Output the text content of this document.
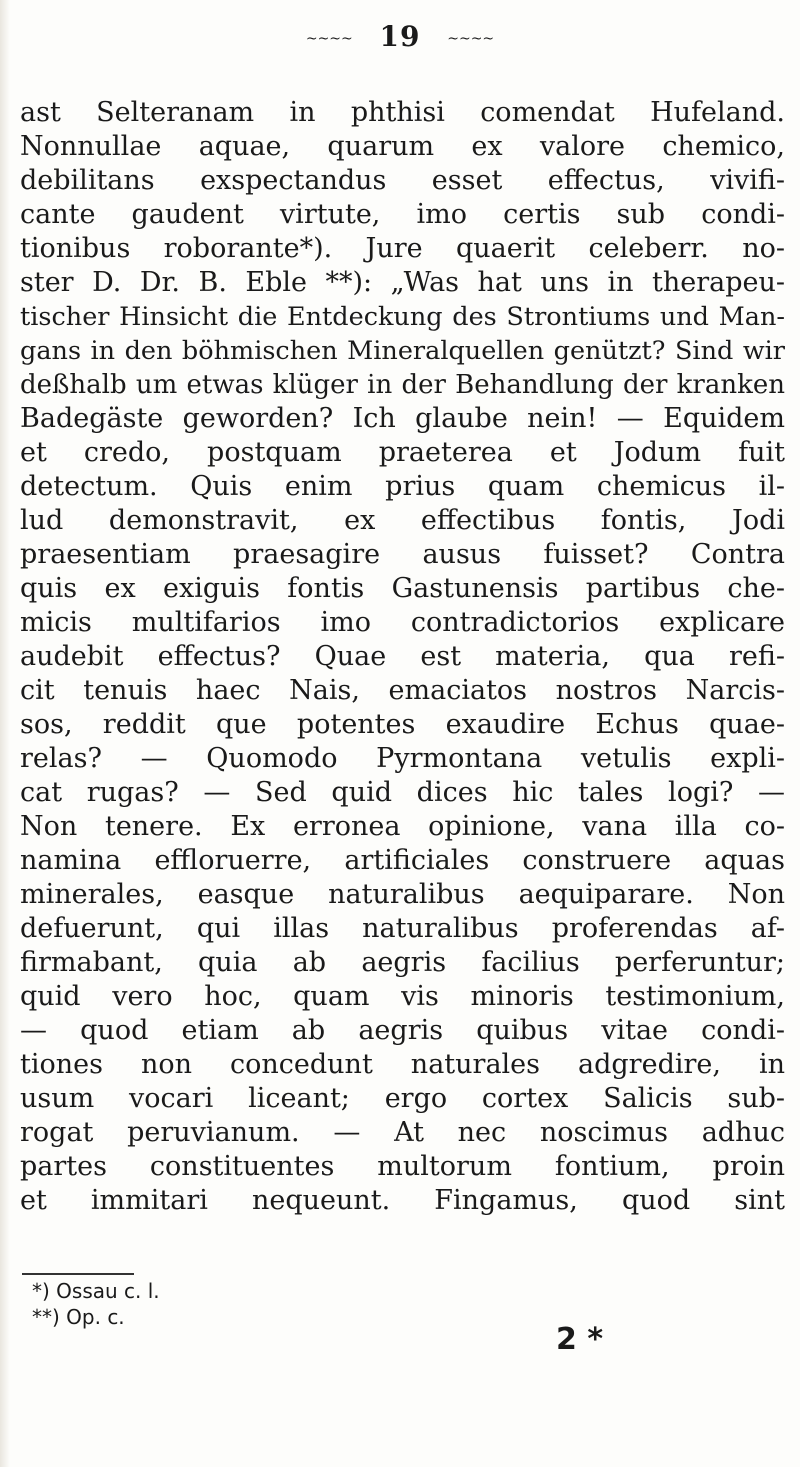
~~~~ 19 ~~~~
ast Selteranam in phthisi comendat Hufeland.
Nonnullae aquae, quarum ex valore chemico,
debilitans exspectandus esset effectus, vivifi-
cante gaudent virtute, imo certis sub condi-
tionibus roborante*). Jure quaerit celeberr. no-
ster D. Dr. B. Eble **): „Was hat uns in therapeu-
tischer Hinsicht die Entdeckung des Strontiums und Man-
gans in den böhmischen Mineralquellen genützt? Sind wir
deßhalb um etwas klüger in der Behandlung der kranken
Badegäste geworden? Ich glaube nein! — Equidem
et credo, postquam praeterea et Jodum fuit
detectum. Quis enim prius quam chemicus il-
lud demonstravit, ex effectibus fontis, Jodi
praesentiam praesagire ausus fuisset? Contra
quis ex exiguis fontis Gastunensis partibus che-
micis multifarios imo contradictorios explicare
audebit effectus? Quae est materia, qua refi-
cit tenuis haec Nais, emaciatos nostros Narcis-
sos, reddit que potentes exaudire Echus quae-
relas? — Quomodo Pyrmontana vetulis expli-
cat rugas? — Sed quid dices hic tales logi? —
Non tenere. Ex erronea opinione, vana illa co-
namina effloruerre, artificiales construere aquas
minerales, easque naturalibus aequiparare. Non
defuerunt, qui illas naturalibus proferendas af-
firmabant, quia ab aegris facilius perferuntur;
quid vero hoc, quam vis minoris testimonium,
— quod etiam ab aegris quibus vitae condi-
tiones non concedunt naturales adgredire, in
usum vocari liceant; ergo cortex Salicis sub-
rogat peruvianum. — At nec noscimus adhuc
partes constituentes multorum fontium, proin
et immitari nequeunt. Fingamus, quod sint
*) Ossau c. l.
**) Op. c.
2 *
